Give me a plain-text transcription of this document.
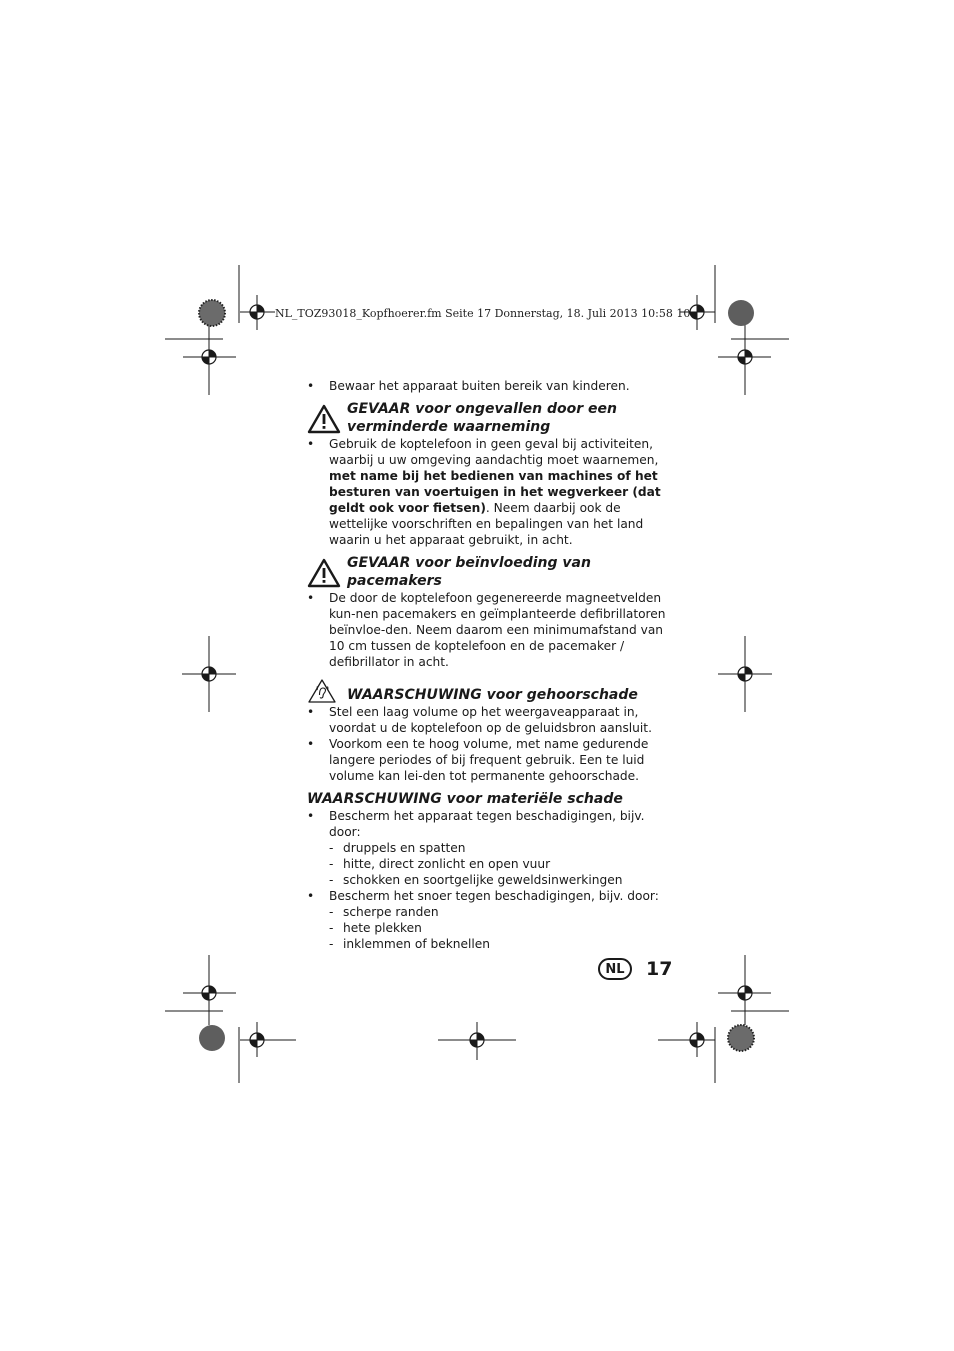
NL_TOZ93018_Kopfhoerer.fm Seite 17 Donnerstag, 18. Juli 2013 10:58 10
• Bewaar het apparaat buiten bereik van kinderen.
GEVAAR voor ongevallen door een
verminderde waarneming
• Gebruik de koptelefoon in geen geval bij activiteiten, waarbij u uw omgeving aandachtig moet waarnemen, met name bij het bedienen van machines of het besturen van voertuigen in het wegverkeer (dat geldt ook voor fietsen). Neem daarbij ook de wettelijke voorschriften en bepalingen van het land waarin u het apparaat gebruikt, in acht.
GEVAAR voor beïnvloeding van
pacemakers
• De door de koptelefoon gegenereerde magneetvelden kun-nen pacemakers en geïmplanteerde defibrillatoren beïnvloe-den. Neem daarom een minimumafstand van 10 cm tussen de koptelefoon en de pacemaker / defibrillator in acht.
WAARSCHUWING voor gehoorschade
• Stel een laag volume op het weergaveapparaat in, voordat u de koptelefoon op de geluidsbron aansluit.
• Voorkom een te hoog volume, met name gedurende langere periodes of bij frequent gebruik. Een te luid volume kan lei-den tot permanente gehoorschade.
WAARSCHUWING voor materiële schade
• Bescherm het apparaat tegen beschadigingen, bijv. door:
- druppels en spatten
- hitte, direct zonlicht en open vuur
- schokken en soortgelijke geweldsinwerkingen
• Bescherm het snoer tegen beschadigingen, bijv. door:
- scherpe randen
- hete plekken
- inklemmen of beknellen
NL	17
